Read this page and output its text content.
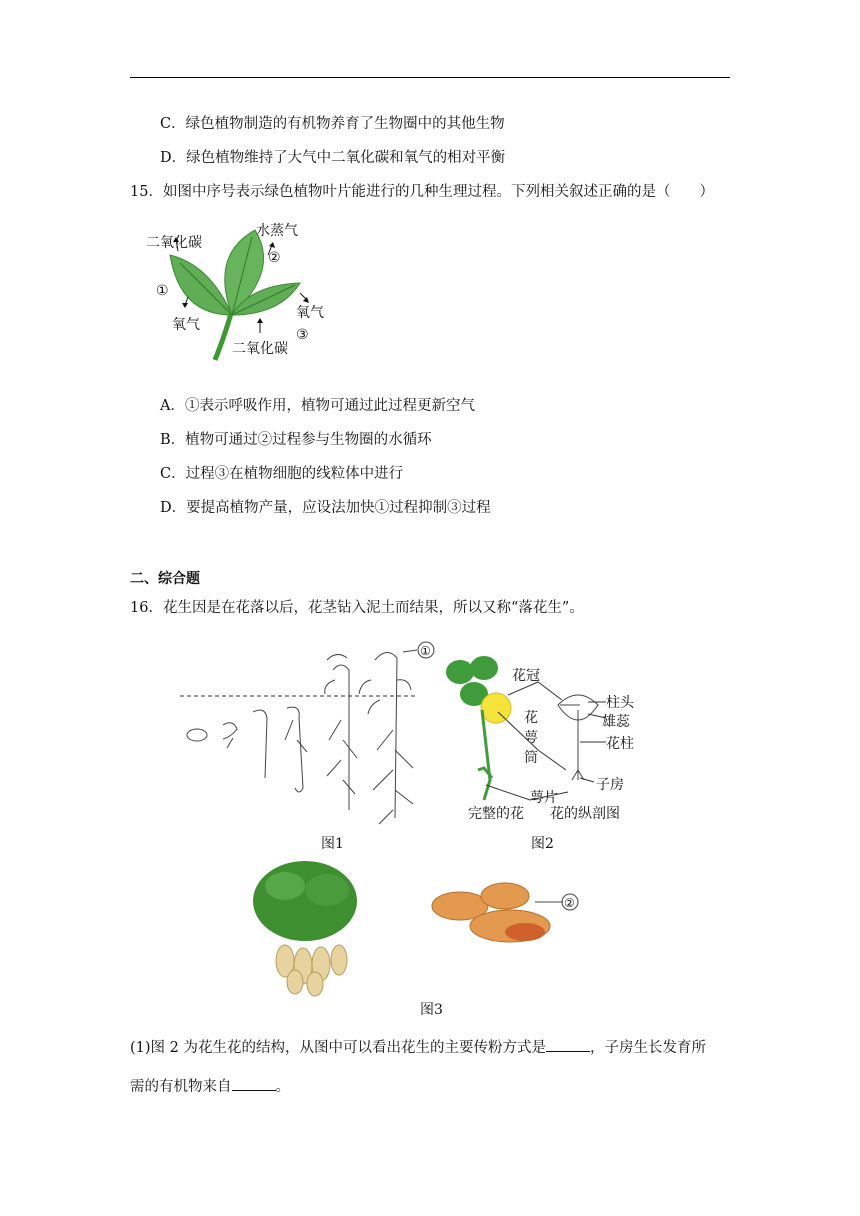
C．绿色植物制造的有机物养育了生物圈中的其他生物
D．绿色植物维持了大气中二氧化碳和氧气的相对平衡
15．如图中序号表示绿色植物叶片能进行的几种生理过程。下列相关叙述正确的是（　　）
二氧化碳
水蒸气
②
①
氧气
氧气
③
二氧化碳
A．①表示呼吸作用，植物可通过此过程更新空气
B．植物可通过②过程参与生物圈的水循环
C．过程③在植物细胞的线粒体中进行
D．要提高植物产量，应设法加快①过程抑制③过程
二、综合题
16．花生因是在花落以后，花茎钻入泥土而结果，所以又称“落花生”。
①
图1
花冠
花
萼
筒
柱头
雄蕊
花柱
子房
萼片
完整的花 花的纵剖图
图2
②
图3
(1)图 2 为花生花的结构，从图中可以看出花生的主要传粉方式是	，子房生长发育所
需的有机物来自	。
